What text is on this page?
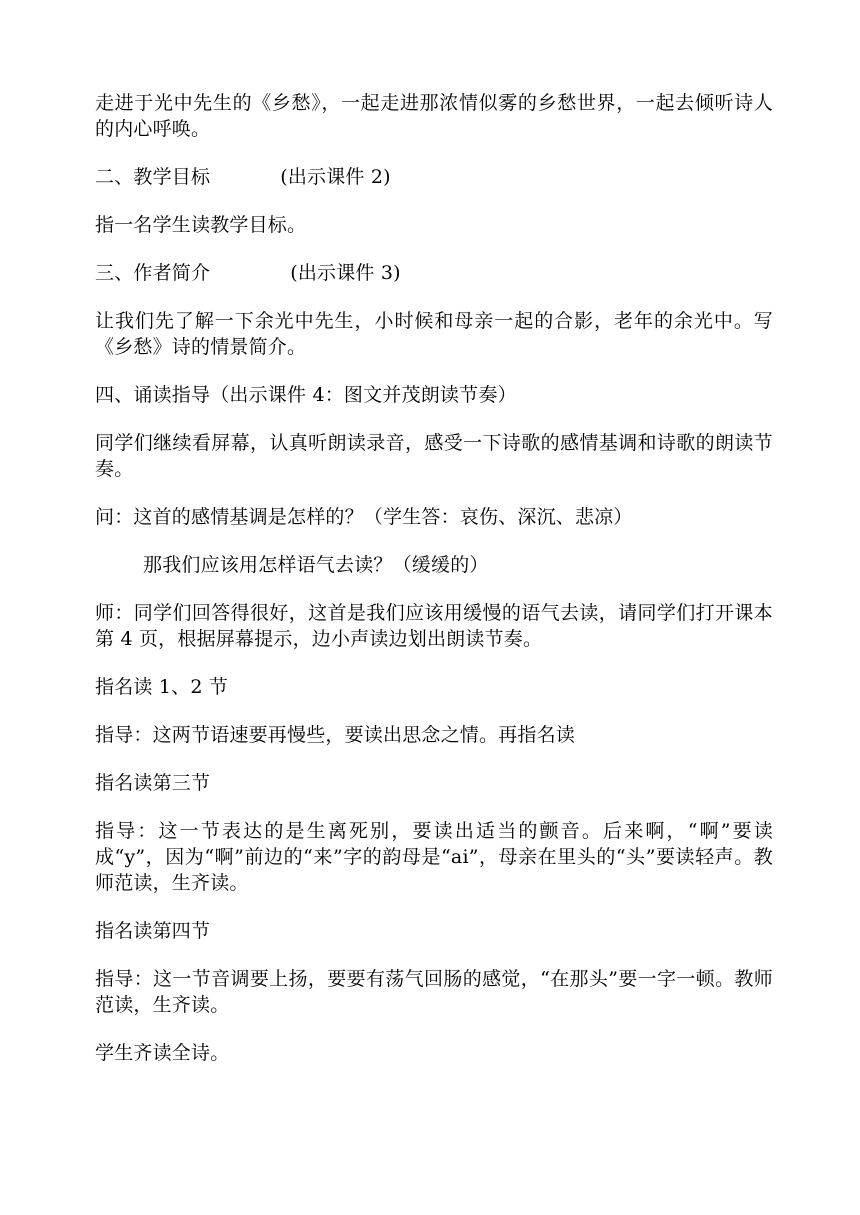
走进于光中先生的《乡愁》，一起走进那浓情似雾的乡愁世界，一起去倾听诗人的内心呼唤。

二、教学目标	(出示课件 2)

指一名学生读教学目标。

三、作者简介	(出示课件 3)

让我们先了解一下余光中先生，小时候和母亲一起的合影，老年的余光中。写《乡愁》诗的情景简介。

四、诵读指导（出示课件 4：图文并茂朗读节奏）

同学们继续看屏幕，认真听朗读录音，感受一下诗歌的感情基调和诗歌的朗读节奏。

问：这首的感情基调是怎样的？（学生答：哀伤、深沉、悲凉）

那我们应该用怎样语气去读？（缓缓的）

师：同学们回答得很好，这首是我们应该用缓慢的语气去读，请同学们打开课本第 4 页，根据屏幕提示，边小声读边划出朗读节奏。

指名读 1、2 节

指导：这两节语速要再慢些，要读出思念之情。再指名读

指名读第三节

指导：这一节表达的是生离死别，要读出适当的颤音。后来啊，“啊”要读成“y”，因为“啊”前边的“来”字的韵母是“ai”，母亲在里头的“头”要读轻声。教师范读，生齐读。

指名读第四节

指导：这一节音调要上扬，要要有荡气回肠的感觉，“在那头”要一字一顿。教师范读，生齐读。

学生齐读全诗。
